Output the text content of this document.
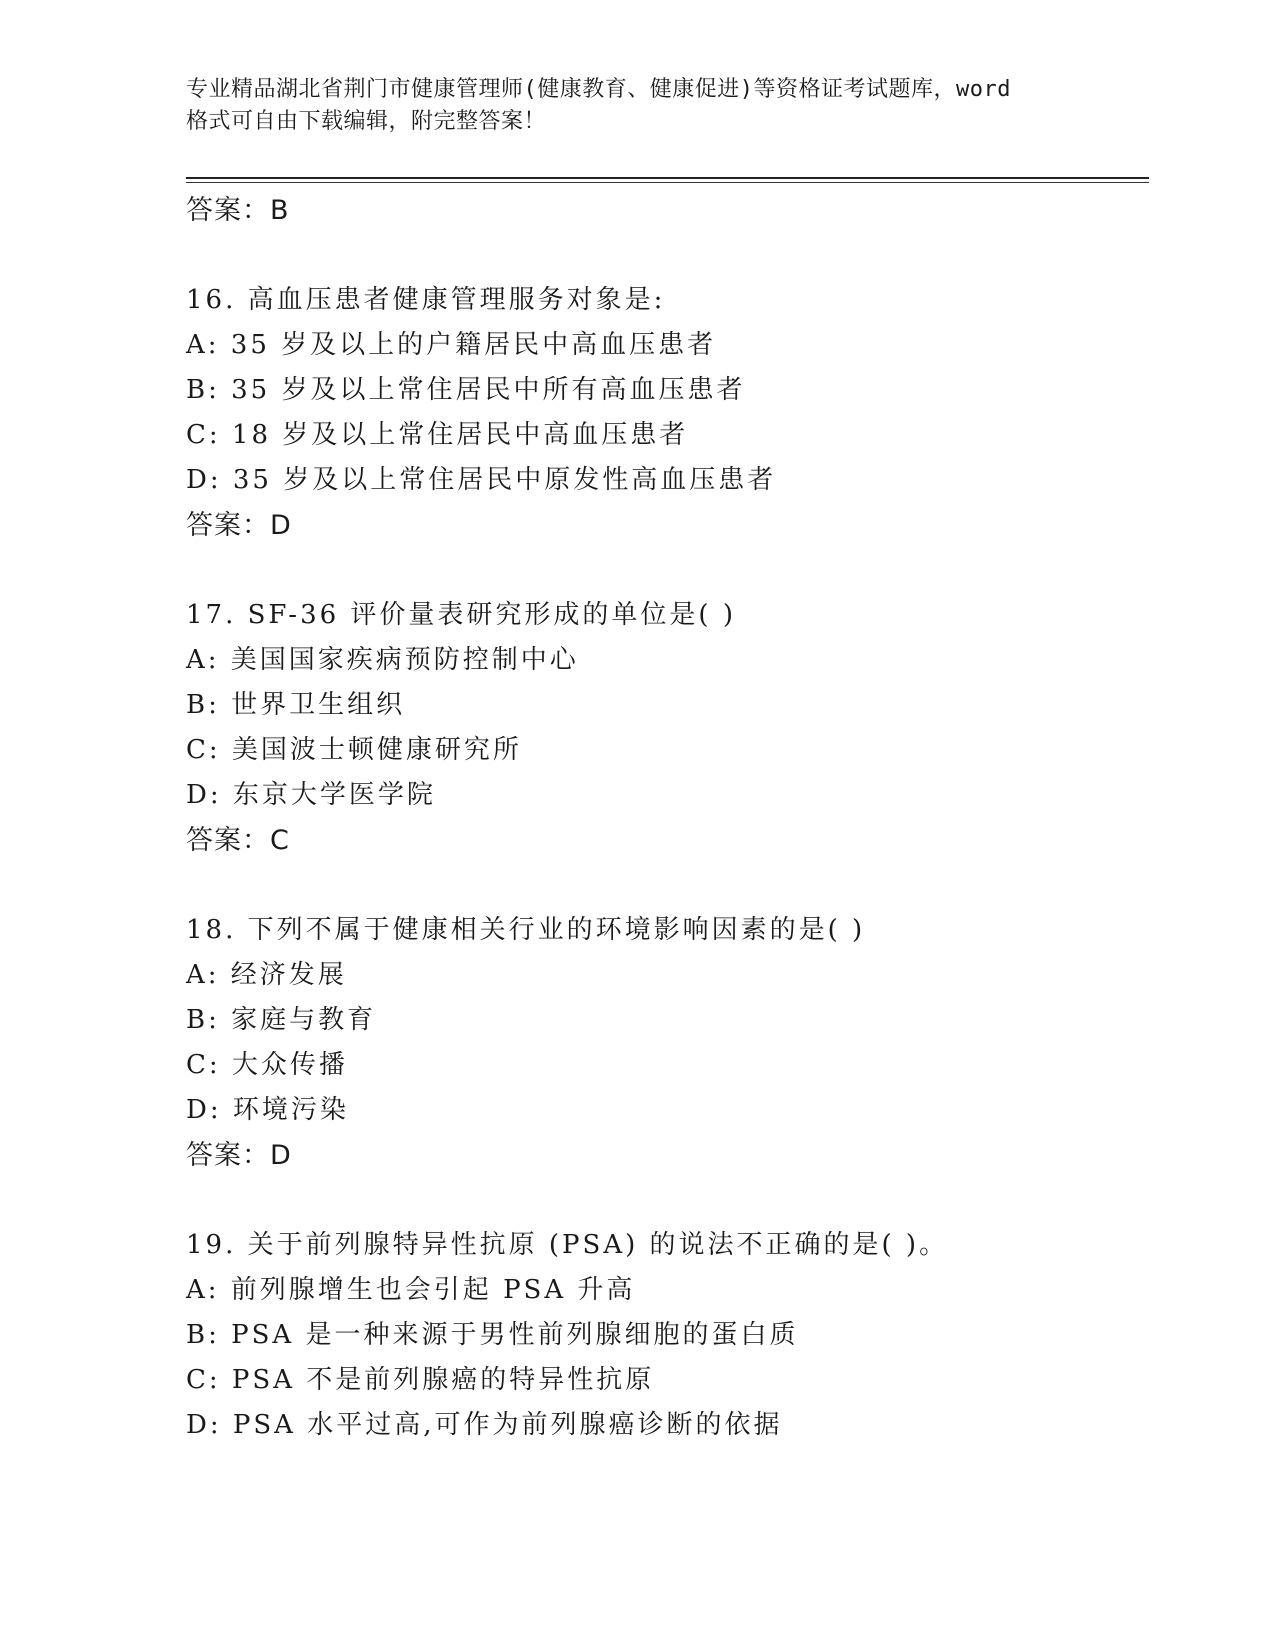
专业精品湖北省荆门市健康管理师(健康教育、健康促进)等资格证考试题库，word
格式可自由下载编辑，附完整答案！
答案：B
16. 高血压患者健康管理服务对象是:
A: 35 岁及以上的户籍居民中高血压患者
B: 35 岁及以上常住居民中所有高血压患者
C: 18 岁及以上常住居民中高血压患者
D: 35 岁及以上常住居民中原发性高血压患者
答案：D
17. SF-36 评价量表研究形成的单位是( )
A: 美国国家疾病预防控制中心
B: 世界卫生组织
C: 美国波士顿健康研究所
D: 东京大学医学院
答案：C
18. 下列不属于健康相关行业的环境影响因素的是( )
A: 经济发展
B: 家庭与教育
C: 大众传播
D: 环境污染
答案：D
19. 关于前列腺特异性抗原 (PSA) 的说法不正确的是( )。
A: 前列腺增生也会引起 PSA 升高
B: PSA 是一种来源于男性前列腺细胞的蛋白质
C: PSA 不是前列腺癌的特异性抗原
D: PSA 水平过高,可作为前列腺癌诊断的依据
